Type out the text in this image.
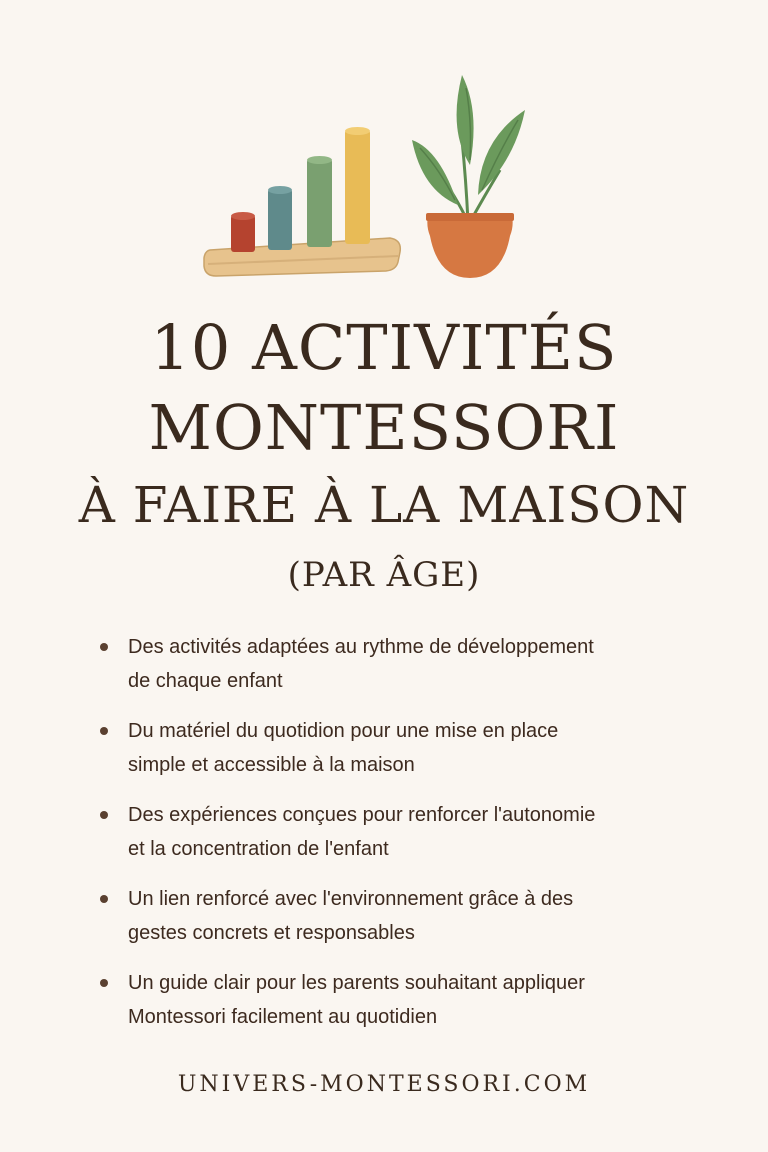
10 ACTIVITÉS
MONTESSORI
À FAIRE À LA MAISON
(PAR ÂGE)
Des activités adaptées au rythme de développement
de chaque enfant
Du matériel du quotidion pour une mise en place
simple et accessible à la maison
Des expériences conçues pour renforcer l'autonomie
et la concentration de l'enfant
Un lien renforcé avec l'environnement grâce à des
gestes concrets et responsables
Un guide clair pour les parents souhaitant appliquer
Montessori facilement au quotidien
UNIVERS-MONTESSORI.COM
